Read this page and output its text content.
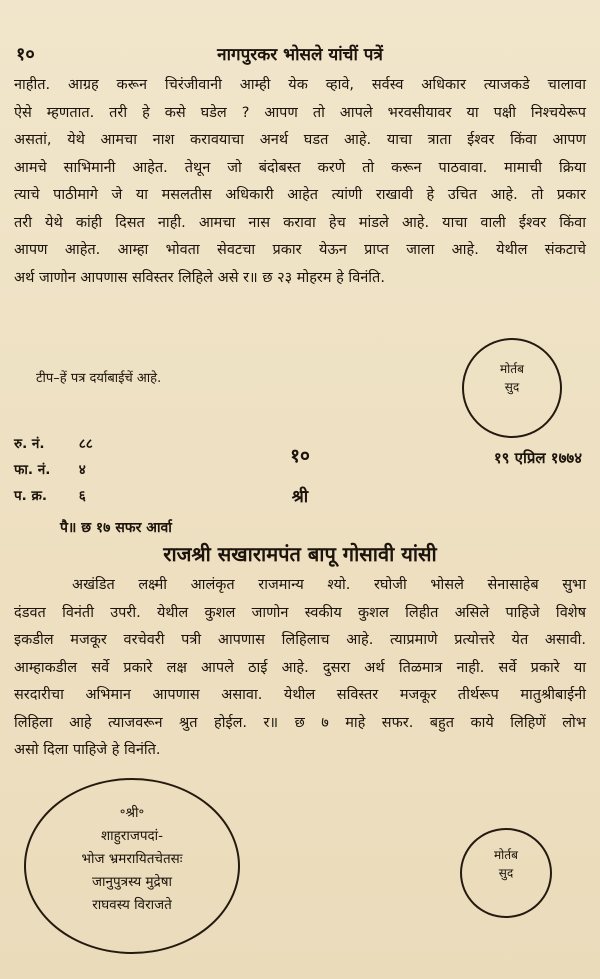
१०	नागपुरकर भोसले यांचीं पत्रें
नाहीत. आग्रह करून चिरंजीवानी आम्ही येक व्हावे, सर्वस्व अधिकार त्याजकडे चालावा
ऐसे म्हणतात. तरी हे कसे घडेल ? आपण तो आपले भरवसीयावर या पक्षी निश्चयेरूप
असतां, येथे आमचा नाश करावयाचा अनर्थ घडत आहे. याचा त्राता ईश्वर किंवा आपण
आमचे साभिमानी आहेत. तेथून जो बंदोबस्त करणे तो करून पाठवावा. मामाची क्रिया
त्याचे पाठीमागे जे या मसलतीस अधिकारी आहेत त्यांणी राखावी हे उचित आहे. तो प्रकार
तरी येथे कांही दिसत नाही. आमचा नास करावा हेच मांडले आहे. याचा वाली ईश्वर किंवा
आपण आहेत. आम्हा भोवता सेवटचा प्रकार येऊन प्राप्त जाला आहे. येथील संकटाचे
अर्थ जाणोन आपणास सविस्तर लिहिले असे र॥ छ २३ मोहरम हे विनंति.
टीप–हें पत्र दर्याबाईचें आहे.
मोर्तब
सुद
रु. नं.	८८
फा. नं. ४
प. क्र. ६
१०	१९ एप्रिल १७७४
श्री
पै॥ छ १७ सफर आर्वा
राजश्री सखारामपंत बापू गोसावी यांसी
अखंडित लक्ष्मी आलंकृत राजमान्य श्यो. रघोजी भोसले सेनासाहेब सुभा
दंडवत विनंती उपरी. येथील कुशल जाणोन स्वकीय कुशल लिहीत असिले पाहिजे विशेष
इकडील मजकूर वरचेवरी पत्री आपणास लिहिलाच आहे. त्याप्रमाणे प्रत्योत्तरे येत असावी.
आम्हाकडील सर्वे प्रकारे लक्ष आपले ठाई आहे. दुसरा अर्थ तिळमात्र नाही. सर्वे प्रकारे या
सरदारीचा अभिमान आपणास असावा. येथील सविस्तर मजकूर तीर्थरूप मातुश्रीबाईनी
लिहिला आहे त्याजवरून श्रुत होईल. र॥ छ ७ माहे सफर. बहुत काये लिहिणें लोभ
असो दिला पाहिजे हे विनंति.
॰श्री॰
शाहुराजपदां-
भोज भ्रमरायितचेतसः
जानुपुत्रस्य मुद्रेषा
राघवस्य विराजते
मोर्तब
सुद
